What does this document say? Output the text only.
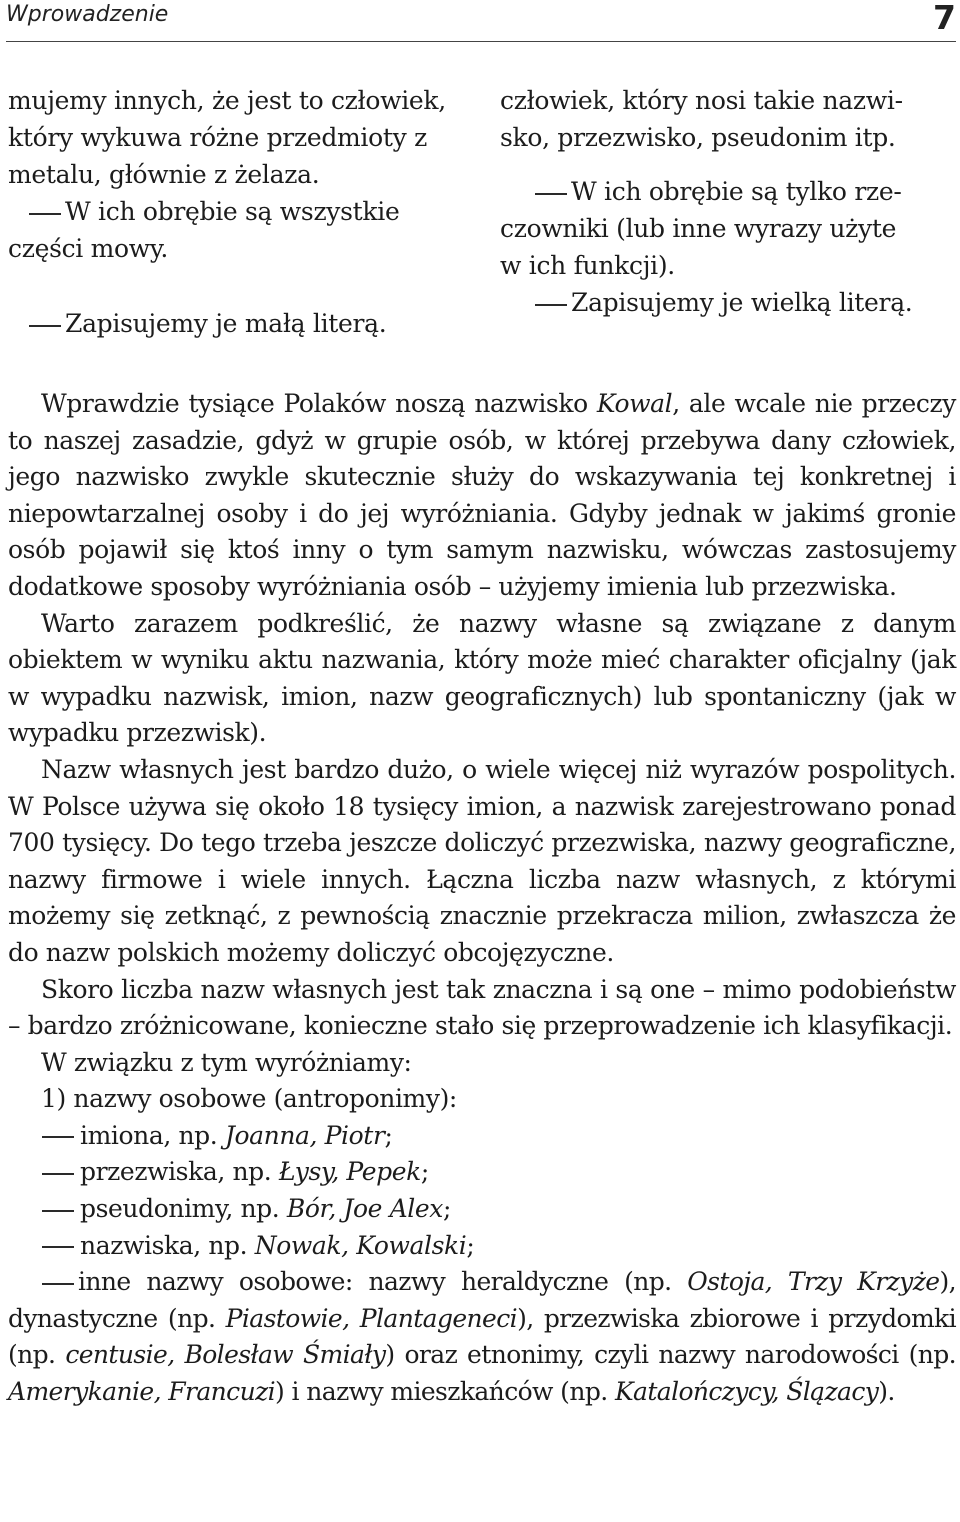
Wprowadzenie	7

mujemy innych, że jest to człowiek,

który wykuwa różne przedmioty z

metalu, głównie z żelaza.

W ich obrębie są wszystkie

części mowy.

Zapisujemy je małą literą.

człowiek, który nosi takie nazwi-

sko, przezwisko, pseudonim itp.

W ich obrębie są tylko rze-

czowniki (lub inne wyrazy użyte

w ich funkcji).

Zapisujemy je wielką literą.

Wprawdzie tysiące Polaków noszą nazwisko Kowal, ale wcale nie przeczy to naszej zasadzie, gdyż w grupie osób, w której przebywa dany człowiek, jego nazwisko zwykle skutecznie służy do wskazywania tej konkretnej i niepowtarzalnej osoby i do jej wyróżniania. Gdyby jednak w jakimś gronie osób pojawił się ktoś inny o tym samym nazwisku, wówczas zastosujemy dodatkowe sposoby wyróżniania osób – użyjemy imienia lub przezwiska.

Warto zarazem podkreślić, że nazwy własne są związane z danym obiektem w wyniku aktu nazwania, który może mieć charakter oficjalny (jak w wypadku nazwisk, imion, nazw geograficznych) lub spontaniczny (jak w wypadku przezwisk).

Nazw własnych jest bardzo dużo, o wiele więcej niż wyrazów pospolitych. W Polsce używa się około 18 tysięcy imion, a nazwisk zarejestrowano ponad 700 tysięcy. Do tego trzeba jeszcze doliczyć przezwiska, nazwy geograficzne, nazwy firmowe i wiele innych. Łączna liczba nazw własnych, z którymi możemy się zetknąć, z pewnością znacznie przekracza milion, zwłaszcza że do nazw polskich możemy doliczyć obcojęzyczne.

Skoro liczba nazw własnych jest tak znaczna i są one – mimo podobieństw – bardzo zróżnicowane, konieczne stało się przeprowadzenie ich klasyfikacji.

W związku z tym wyróżniamy:

1) nazwy osobowe (antroponimy):

imiona, np. Joanna, Piotr;

przezwiska, np. Łysy, Pepek;

pseudonimy, np. Bór, Joe Alex;

nazwiska, np. Nowak, Kowalski;

inne nazwy osobowe: nazwy heraldyczne (np. Ostoja, Trzy Krzyże), dynastyczne (np. Piastowie, Plantageneci), przezwiska zbiorowe i przydomki (np. centusie, Bolesław Śmiały) oraz etnonimy, czyli nazwy narodowości (np. Amerykanie, Francuzi) i nazwy mieszkańców (np. Katalończycy, Ślązacy).
